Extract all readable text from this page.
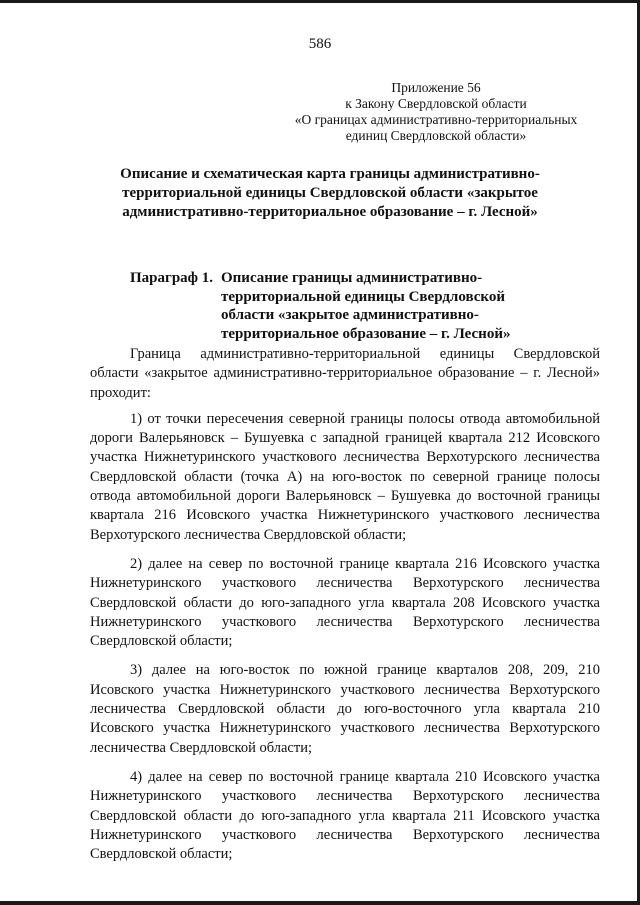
586
Приложение 56
к Закону Свердловской области
«О границах административно-территориальных единиц Свердловской области»
Описание и схематическая карта границы административно-территориальной единицы Свердловской области «закрытое административно-территориальное образование – г. Лесной»
Параграф 1. Описание границы административно-территориальной единицы Свердловской области «закрытое административно-территориальное образование – г. Лесной»

Граница административно-территориальной единицы Свердловской области «закрытое административно-территориальное образование – г. Лесной» проходит:

1) от точки пересечения северной границы полосы отвода автомобильной дороги Валерьяновск – Бушуевка с западной границей квартала 212 Исовского участка Нижнетуринского участкового лесничества Верхотурского лесничества Свердловской области (точка А) на юго-восток по северной границе полосы отвода автомобильной дороги Валерьяновск – Бушуевка до восточной границы квартала 216 Исовского участка Нижнетуринского участкового лесничества Верхотурского лесничества Свердловской области;

2) далее на север по восточной границе квартала 216 Исовского участка Нижнетуринского участкового лесничества Верхотурского лесничества Свердловской области до юго-западного угла квартала 208 Исовского участка Нижнетуринского участкового лесничества Верхотурского лесничества Свердловской области;

3) далее на юго-восток по южной границе кварталов 208, 209, 210 Исовского участка Нижнетуринского участкового лесничества Верхотурского лесничества Свердловской области до юго-восточного угла квартала 210 Исовского участка Нижнетуринского участкового лесничества Верхотурского лесничества Свердловской области;

4) далее на север по восточной границе квартала 210 Исовского участка Нижнетуринского участкового лесничества Верхотурского лесничества Свердловской области до юго-западного угла квартала 211 Исовского участка Нижнетуринского участкового лесничества Верхотурского лесничества Свердловской области;
